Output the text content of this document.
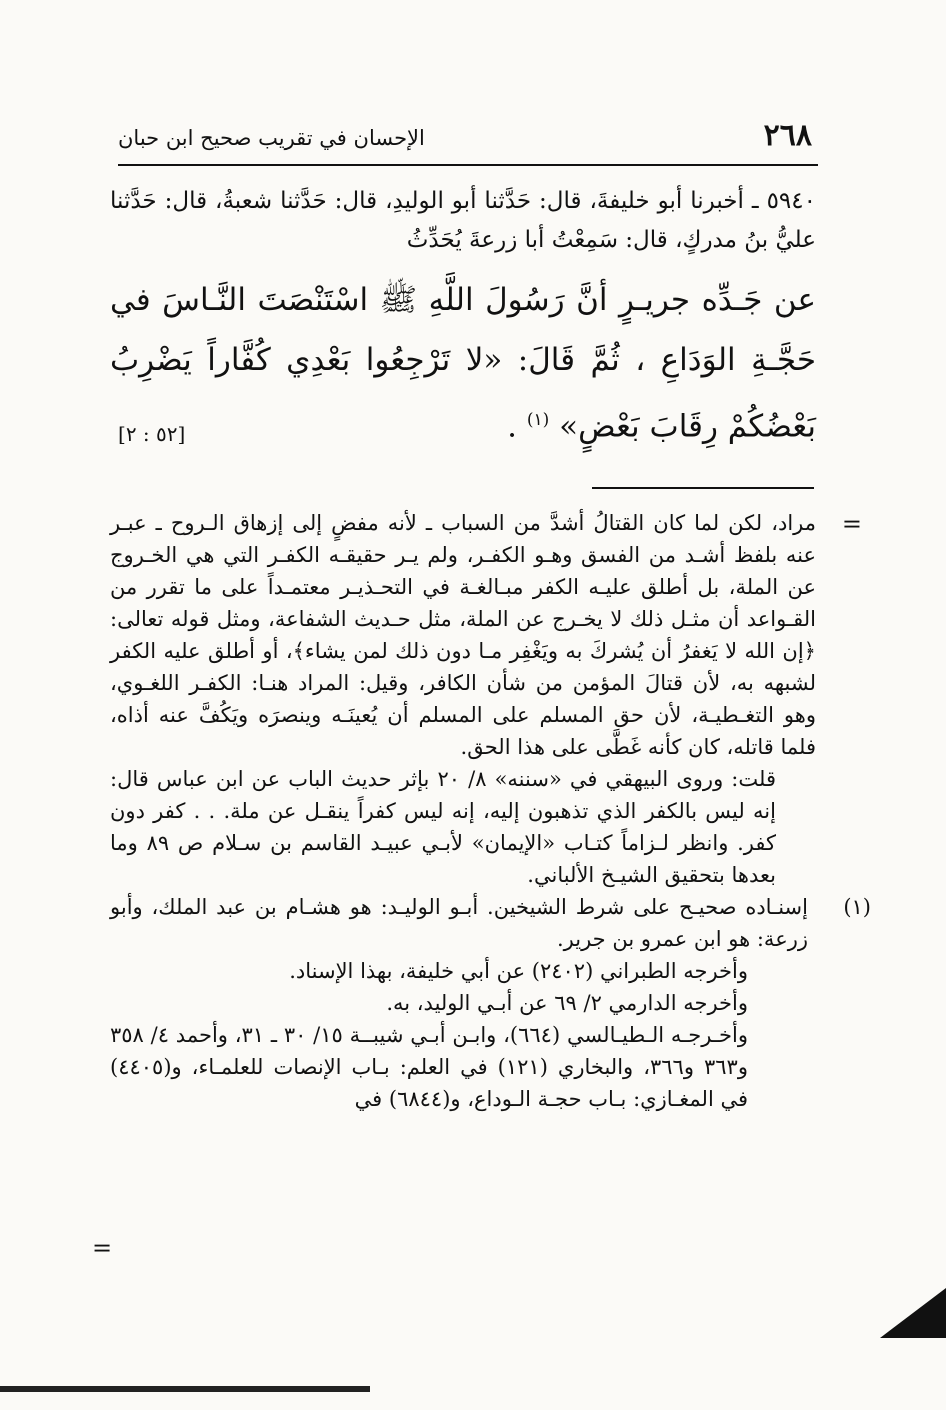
٢٦٨
الإحسان في تقريب صحيح ابن حبان

٥٩٤٠ ـ أخبرنا أبو خليفةَ، قال: حَدَّثنا أبو الوليدِ، قال: حَدَّثنا شعبةُ، قال: حَدَّثنا عليُّ بنُ مدركٍ، قال: سَمِعْتُ أبا زرعةَ يُحَدِّثُ

عن جَـدِّه جريـرٍ أنَّ رَسُولَ اللَّهِ ﷺ اسْتَنْصَتَ النَّـاسَ في حَجَّـةِ الوَدَاعِ ، ثُمَّ قَالَ: «لا تَرْجِعُوا بَعْدِي كُفَّاراً يَضْرِبُ بَعْضُكُمْ رِقَابَ بَعْضٍ» $^{(١)}$ .

[٥٢ : ٢]
=

مراد، لكن لما كان القتالُ أشدَّ من السباب ـ لأنه مفضٍ إلى إزهاق الـروح ـ عبـر عنه بلفظ أشـد من الفسق وهـو الكفـر، ولم يـر حقيقـه الكفـر التي هي الخـروج عن الملة، بل أطلق عليـه الكفر مبـالغـة في التحـذيـر معتمـداً على ما تقرر من القـواعد أن مثـل ذلك لا يخـرج عن الملة، مثل حـديث الشفاعة، ومثل قوله تعالى: ﴿إن الله لا يَغفرُ أن يُشركَ به ويَغْفِر مـا دون ذلك لمن يشاء﴾، أو أطلق عليه الكفر لشبهه به، لأن قتالَ المؤمن من شأن الكافر، وقيل: المراد هنـا: الكفـر اللغـوي، وهو التغـطيـة، لأن حق المسلم على المسلم أن يُعينَـه وينصرَه ويَكُفَّ عنه أذاه، فلما قاتله، كان كأنه غَطَّى على هذا الحق.

قلت: وروى البيهقي في «سننه» ٨/ ٢٠ بإثر حديث الباب عن ابن عباس قال: إنه ليس بالكفر الذي تذهبون إليه، إنه ليس كفراً ينقـل عن ملة. . . كفر دون كفر. وانظر لـزاماً كتـاب «الإيمان» لأبـي عبيـد القاسم بن سـلام ص ٨٩ وما بعدها بتحقيق الشيـخ الألباني.

(١)

إسنـاده صحيـح على شرط الشيخين. أبـو الوليـد: هو هشـام بن عبد الملك، وأبو زرعة: هو ابن عمرو بن جرير.

وأخرجه الطبراني (٢٤٠٢) عن أبي خليفة، بهذا الإسناد.

وأخرجه الدارمي ٢/ ٦٩ عن أبـي الوليد، به.

وأخـرجـه الـطيـالسي (٦٦٤)، وابـن أبـي شيبــة ١٥/ ٣٠ ـ ٣١، وأحمد ٤/ ٣٥٨ و٣٦٣ و٣٦٦، والبخاري (١٢١) في العلم: بـاب الإنصات للعلمـاء، و(٤٤٠٥) في المغـازي: بـاب حجـة الـوداع، و(٦٨٤٤) في

=
